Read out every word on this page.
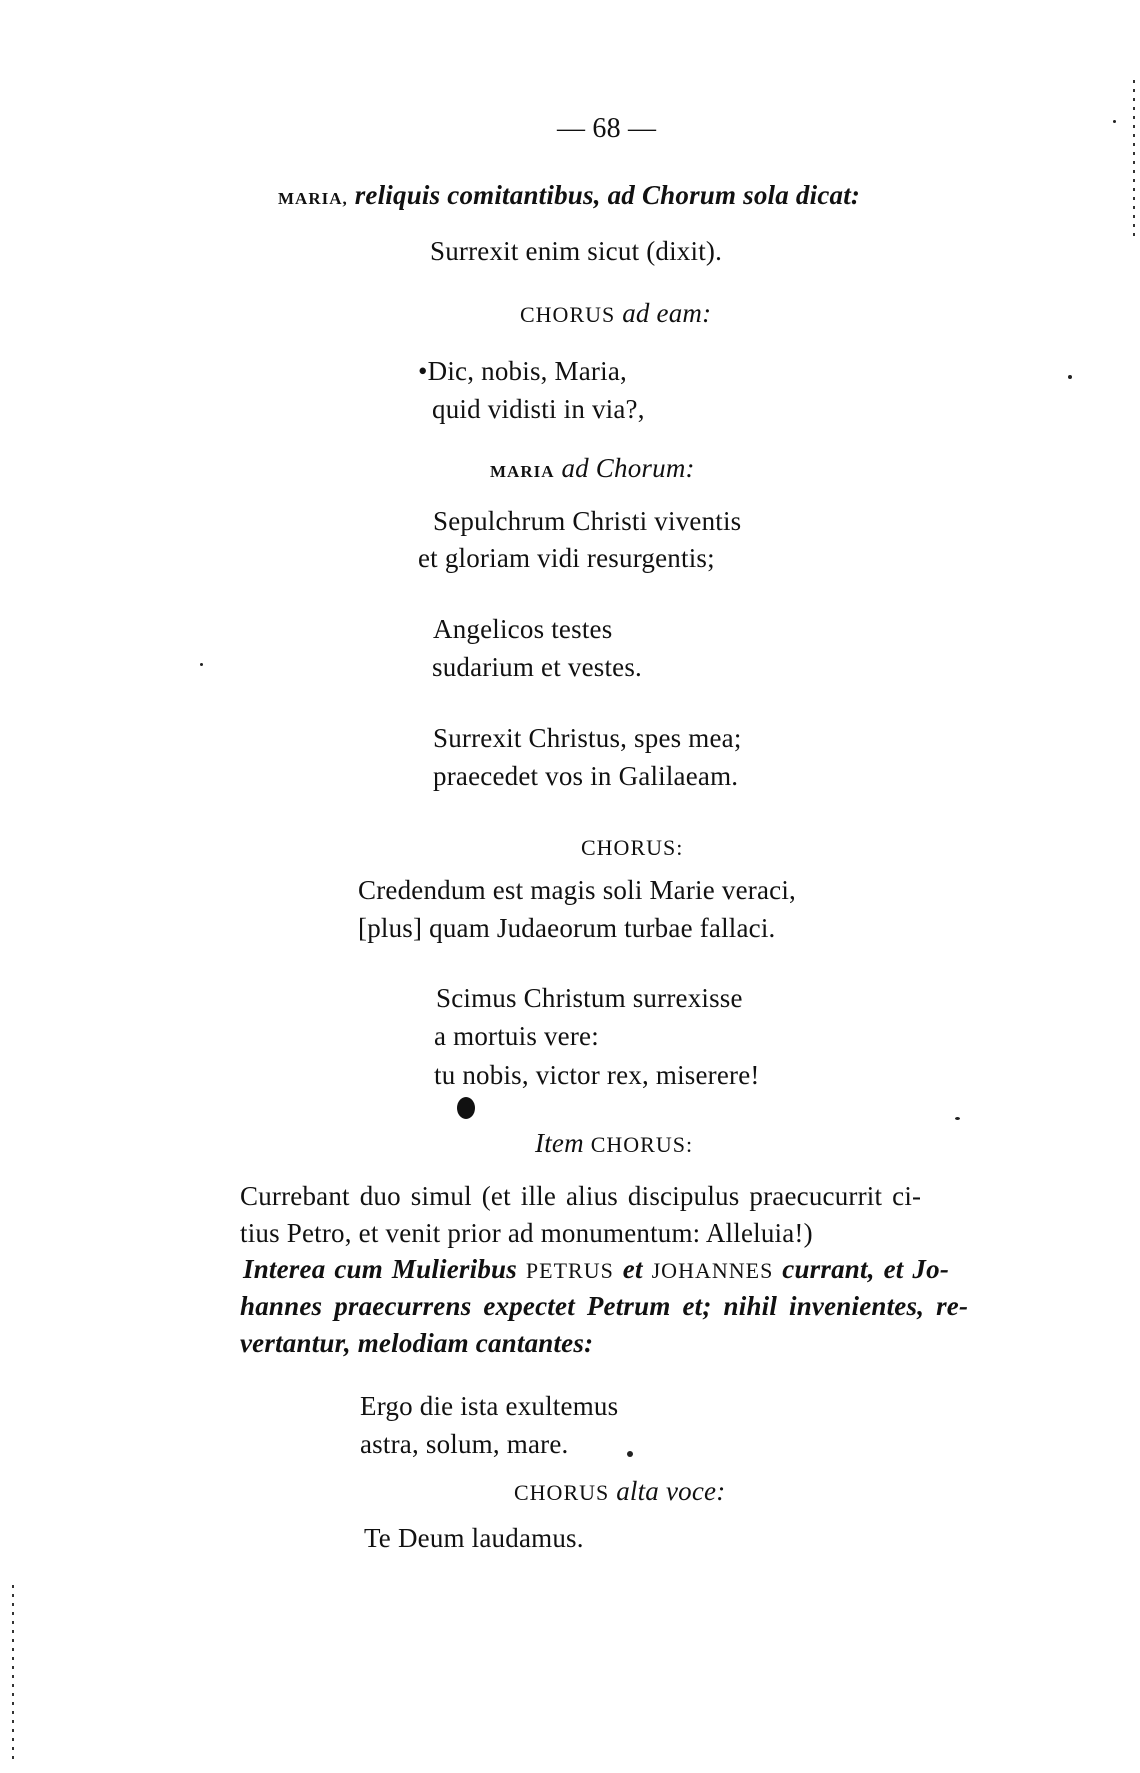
— 68 —
MARIA, reliquis comitantibus, ad Chorum sola dicat:
Surrexit enim sicut (dixit).
CHORUS ad eam:
•Dic, nobis, Maria,
quid vidisti in via?,
MARIA ad Chorum:
Sepulchrum Christi viventis
et gloriam vidi resurgentis;
Angelicos testes
sudarium et vestes.
Surrexit Christus, spes mea;
praecedet vos in Galilaeam.
CHORUS:
Credendum est magis soli Marie veraci,
[plus] quam Judaeorum turbae fallaci.
Scimus Christum surrexisse
a mortuis vere:
tu nobis, victor rex, miserere!
Item CHORUS:
Currebant duo simul (et ille alius discipulus praecucurrit ci-
tius Petro, et venit prior ad monumentum: Alleluia!)
Interea cum Mulieribus PETRUS et JOHANNES currant, et Jo-
hannes praecurrens expectet Petrum et; nihil invenientes, re-
vertantur, melodiam cantantes:
Ergo die ista exultemus
astra, solum, mare.
CHORUS alta voce:
Te Deum laudamus.
